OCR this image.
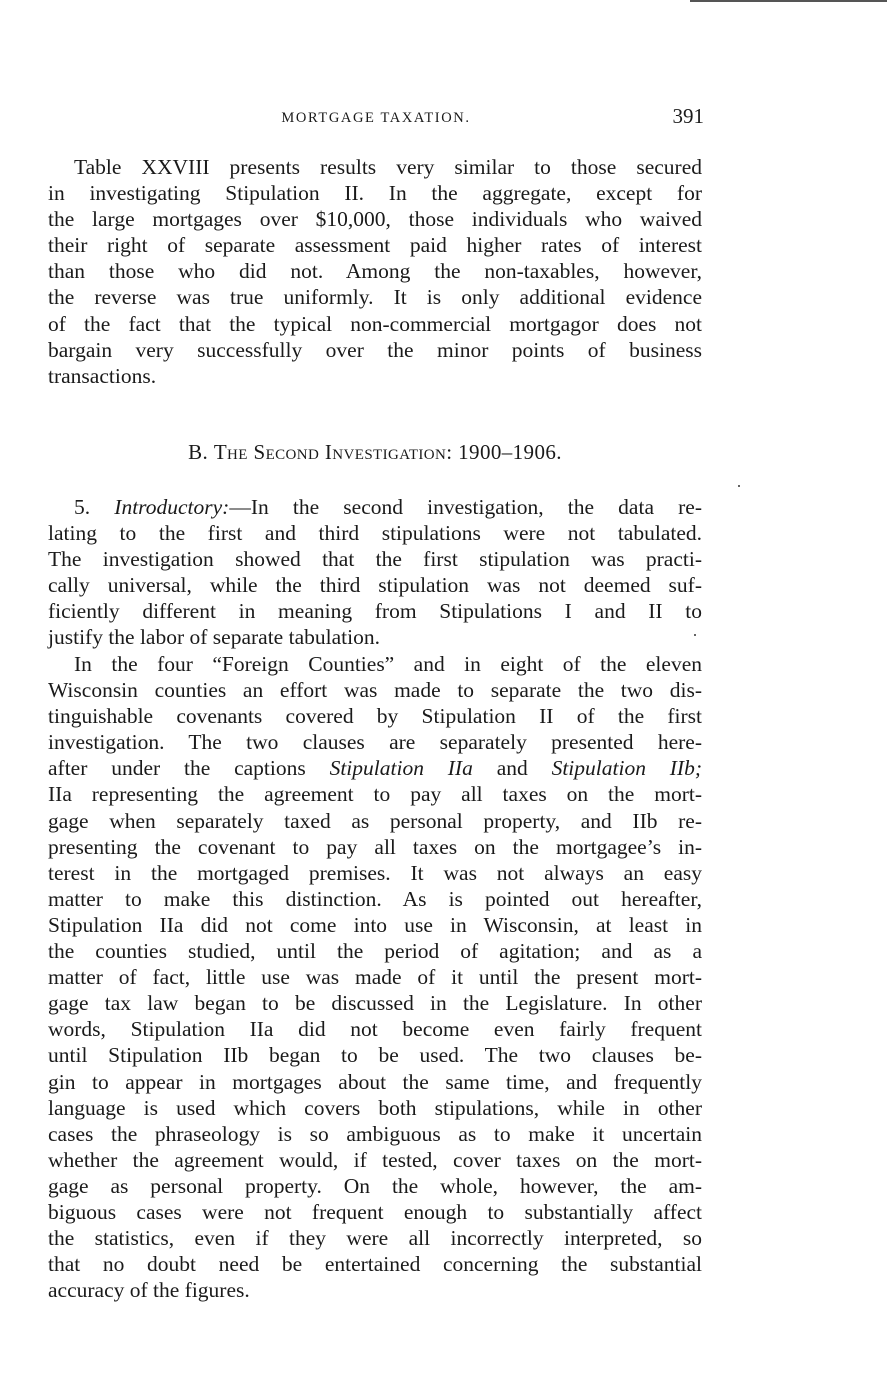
MORTGAGE TAXATION.	391
Table XXVIII presents results very similar to those secured
in investigating Stipulation II. In the aggregate, except for
the large mortgages over $10,000, those individuals who waived
their right of separate assessment paid higher rates of interest
than those who did not. Among the non-taxables, however,
the reverse was true uniformly. It is only additional evidence
of the fact that the typical non-commercial mortgagor does not
bargain very successfully over the minor points of business
transactions.
B. The Second Investigation: 1900–1906.
5. Introductory:—In the second investigation, the data re-
lating to the first and third stipulations were not tabulated.
The investigation showed that the first stipulation was practi-
cally universal, while the third stipulation was not deemed suf-
ficiently different in meaning from Stipulations I and II to
justify the labor of separate tabulation.
In the four “Foreign Counties” and in eight of the eleven
Wisconsin counties an effort was made to separate the two dis-
tinguishable covenants covered by Stipulation II of the first
investigation. The two clauses are separately presented here-
after under the captions Stipulation IIa and Stipulation IIb;
IIa representing the agreement to pay all taxes on the mort-
gage when separately taxed as personal property, and IIb re-
presenting the covenant to pay all taxes on the mortgagee’s in-
terest in the mortgaged premises. It was not always an easy
matter to make this distinction. As is pointed out hereafter,
Stipulation IIa did not come into use in Wisconsin, at least in
the counties studied, until the period of agitation; and as a
matter of fact, little use was made of it until the present mort-
gage tax law began to be discussed in the Legislature. In other
words, Stipulation IIa did not become even fairly frequent
until Stipulation IIb began to be used. The two clauses be-
gin to appear in mortgages about the same time, and frequently
language is used which covers both stipulations, while in other
cases the phraseology is so ambiguous as to make it uncertain
whether the agreement would, if tested, cover taxes on the mort-
gage as personal property. On the whole, however, the am-
biguous cases were not frequent enough to substantially affect
the statistics, even if they were all incorrectly interpreted, so
that no doubt need be entertained concerning the substantial
accuracy of the figures.
